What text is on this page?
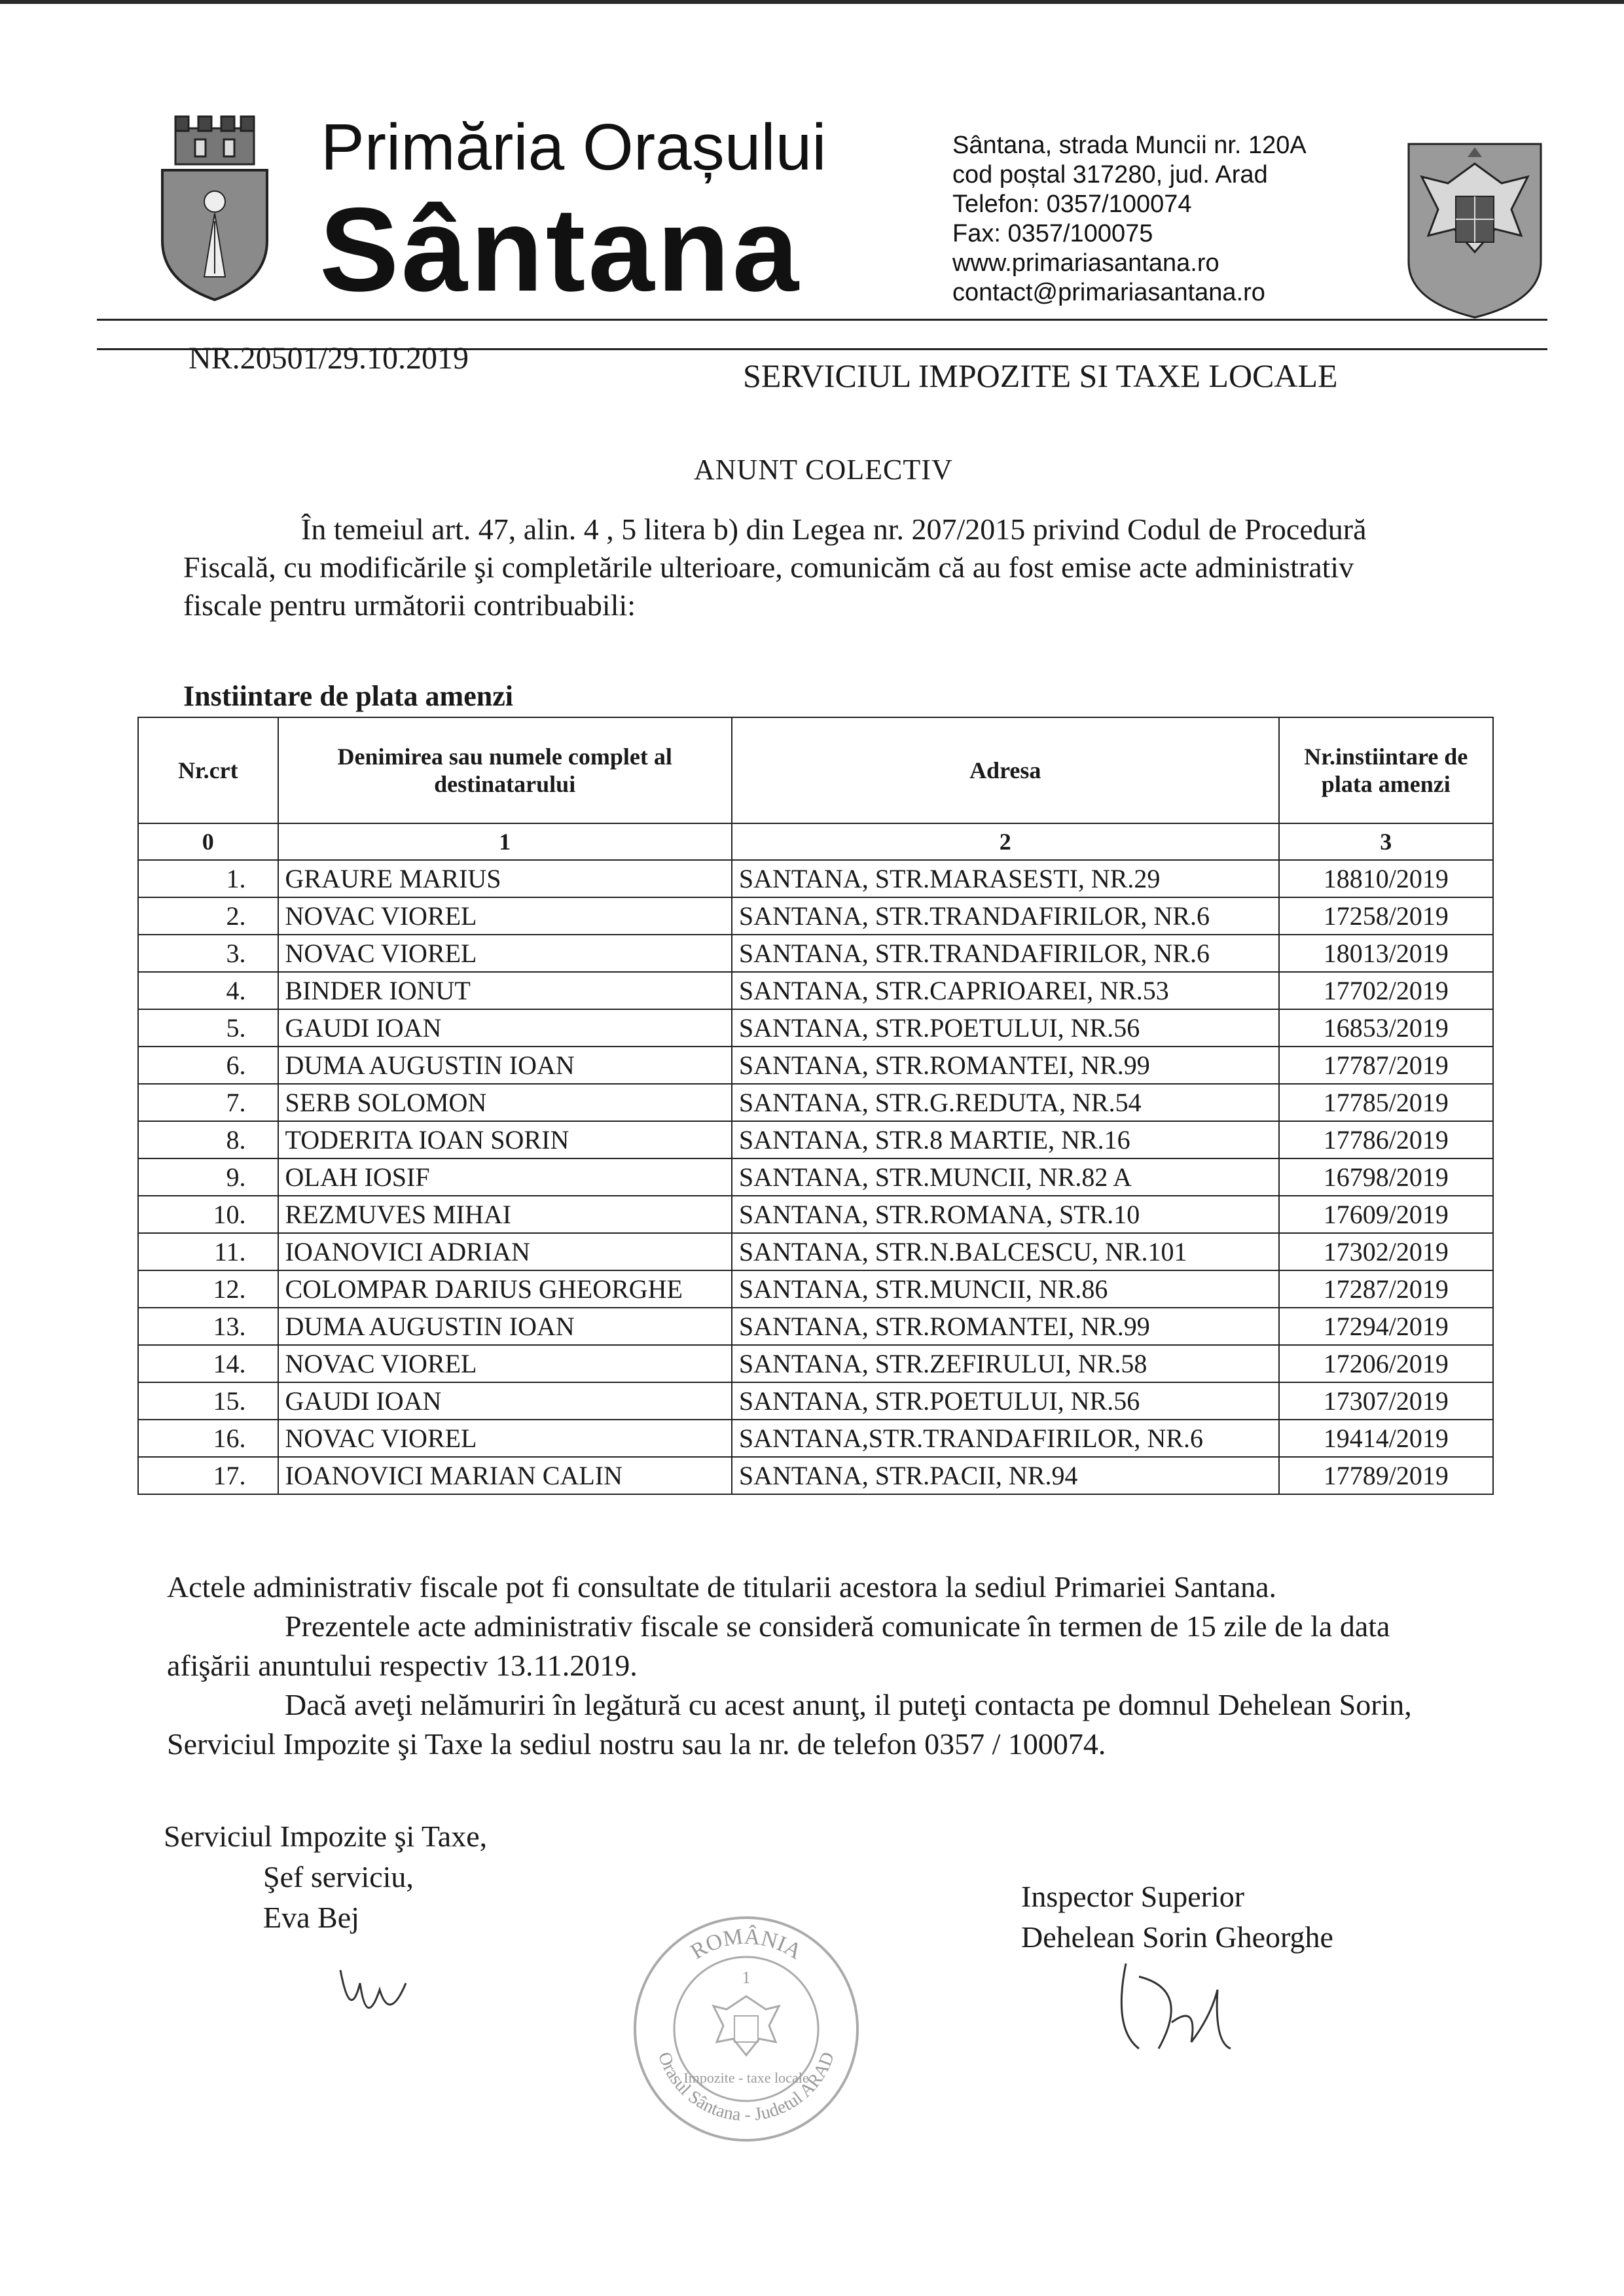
Primăria Orașului
Sântana
Sântana, strada Muncii nr. 120A
cod poștal 317280, jud. Arad
Telefon: 0357/100074
Fax: 0357/100075
www.primariasantana.ro
contact@primariasantana.ro
NR.20501/29.10.2019	SERVICIUL IMPOZITE SI TAXE LOCALE
ANUNT COLECTIV

În temeiul art. 47, alin. 4 , 5 litera b) din Legea nr. 207/2015 privind Codul de Procedură Fiscală, cu modificările şi completările ulterioare, comunicăm că au fost emise acte administrativ fiscale pentru următorii contribuabili:

Instiintare de plata amenzi
Nr.crt	Denimirea sau numele complet al destinatarului	Adresa	Nr.instiintare de plata amenzi
0	1	2	3
1.	GRAURE MARIUS	SANTANA, STR.MARASESTI, NR.29	18810/2019
2.	NOVAC VIOREL	SANTANA, STR.TRANDAFIRILOR, NR.6	17258/2019
3.	NOVAC VIOREL	SANTANA, STR.TRANDAFIRILOR, NR.6	18013/2019
4.	BINDER IONUT	SANTANA, STR.CAPRIOAREI, NR.53	17702/2019
5.	GAUDI IOAN	SANTANA, STR.POETULUI, NR.56	16853/2019
6.	DUMA AUGUSTIN IOAN	SANTANA, STR.ROMANTEI, NR.99	17787/2019
7.	SERB SOLOMON	SANTANA, STR.G.REDUTA, NR.54	17785/2019
8.	TODERITA IOAN SORIN	SANTANA, STR.8 MARTIE, NR.16	17786/2019
9.	OLAH IOSIF	SANTANA, STR.MUNCII, NR.82 A	16798/2019
10.	REZMUVES MIHAI	SANTANA, STR.ROMANA, STR.10	17609/2019
11.	IOANOVICI ADRIAN	SANTANA, STR.N.BALCESCU, NR.101	17302/2019
12.	COLOMPAR DARIUS GHEORGHE	SANTANA, STR.MUNCII, NR.86	17287/2019
13.	DUMA AUGUSTIN IOAN	SANTANA, STR.ROMANTEI, NR.99	17294/2019
14.	NOVAC VIOREL	SANTANA, STR.ZEFIRULUI, NR.58	17206/2019
15.	GAUDI IOAN	SANTANA, STR.POETULUI, NR.56	17307/2019
16.	NOVAC VIOREL	SANTANA,STR.TRANDAFIRILOR, NR.6	19414/2019
17.	IOANOVICI MARIAN CALIN	SANTANA, STR.PACII, NR.94	17789/2019

Actele administrativ fiscale pot fi consultate de titularii acestora la sediul Primariei Santana.

Prezentele acte administrativ fiscale se consideră comunicate în termen de 15 zile de la data afişării anuntului respectiv 13.11.2019.

Dacă aveţi nelămuriri în legătură cu acest anunţ, il puteţi contacta pe domnul Dehelean Sorin, Serviciul Impozite şi Taxe la sediul nostru sau la nr. de telefon 0357 / 100074.

Serviciul Impozite şi Taxe,
Şef serviciu,
Eva Bej
ROMÂNIA
Orasul Sântana - Judetul ARAD
1
Impozite - taxe locale
Inspector Superior
Dehelean Sorin Gheorghe
